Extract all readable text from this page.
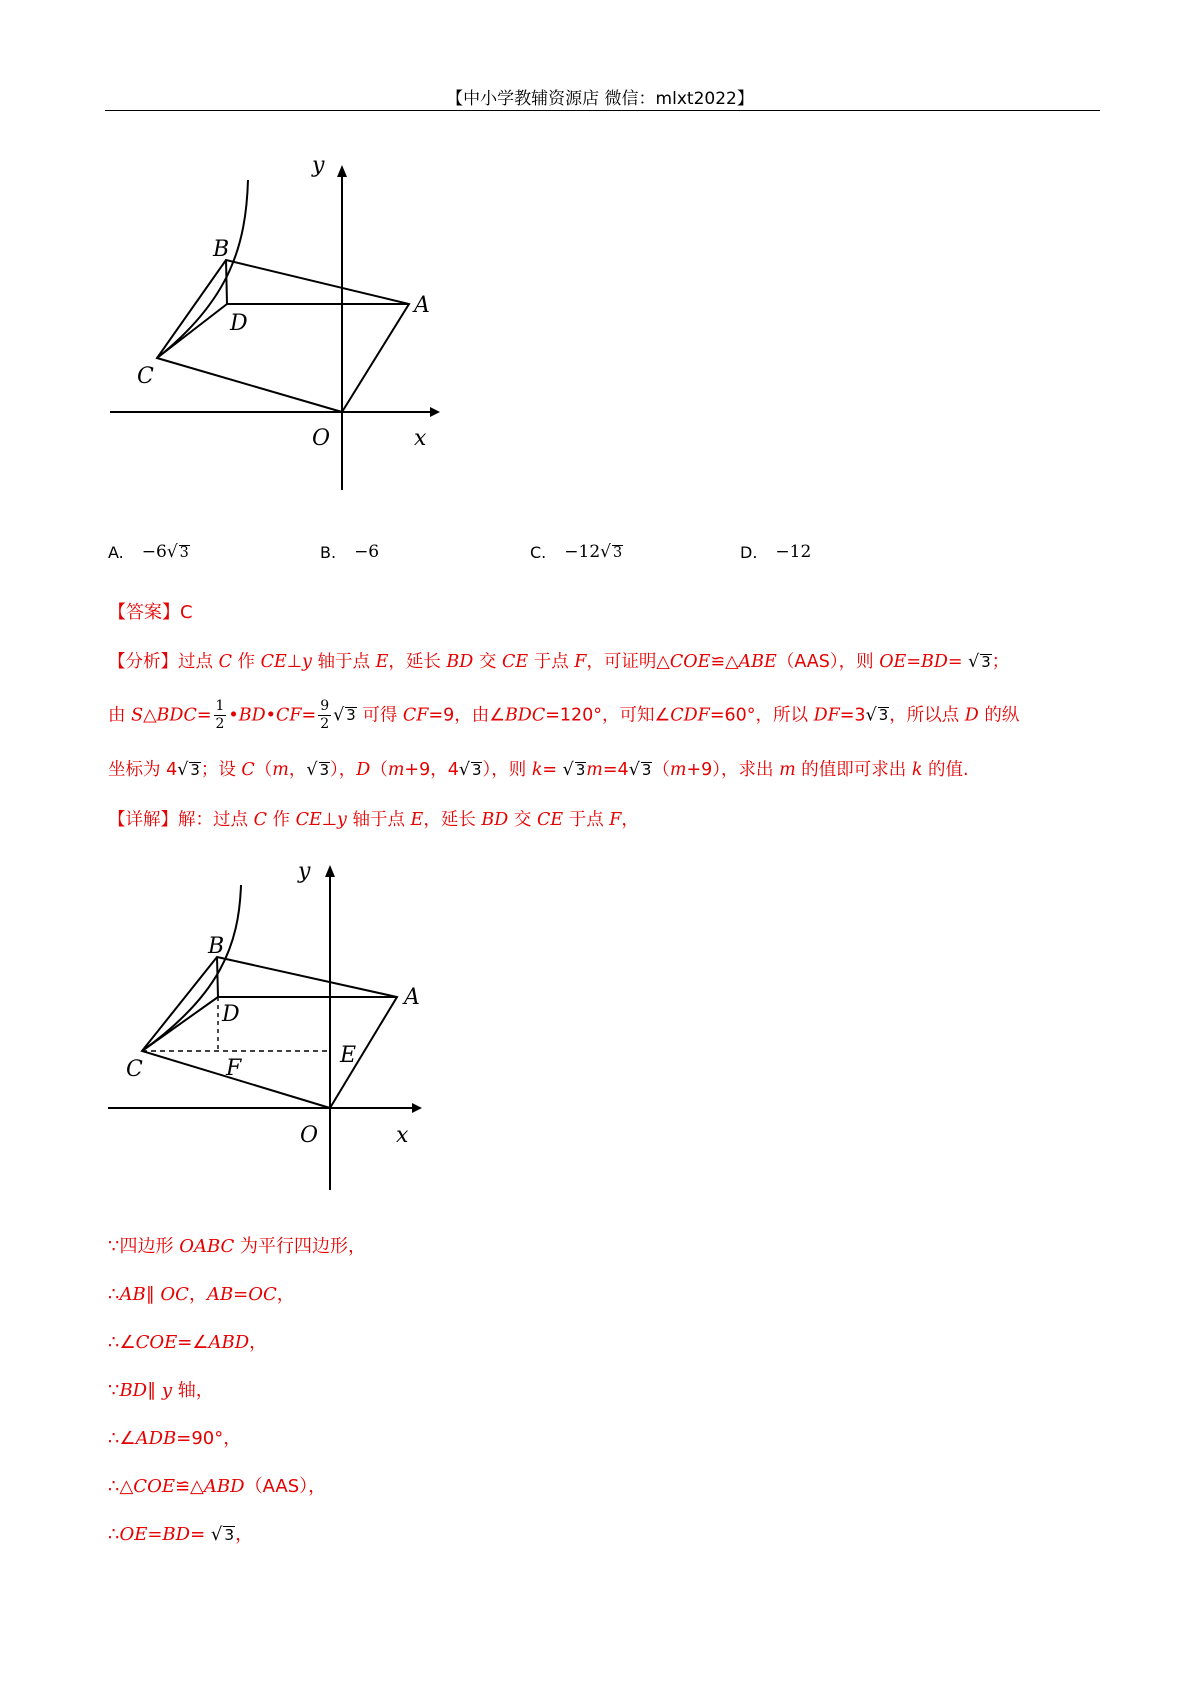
【中小学教辅资源店 微信：mlxt2022】
y
x
O
A
B
C
D
A. −6 √ 3	B. −6	C. −12 √ 3	D. −12
【答案】C
【分析】过点 C 作 CE⊥y 轴于点 E，延长 BD 交 CE 于点 F，可证明△COE≌△ABE（AAS），则 OE=BD= √ 3；
由 S△BDC= $\frac{1}{2}$ •BD•CF= $\frac{9}{2}$ √ 3 可得 CF=9，由∠BDC=120°，可知∠CDF=60°，所以 DF=3√ 3，所以点 D 的纵
坐标为 4√ 3；设 C（m，√ 3），D（m+9，4√ 3），则 k= √ 3m=4√ 3（m+9），求出 m 的值即可求出 k 的值.
【详解】解：过点 C 作 CE⊥y 轴于点 E，延长 BD 交 CE 于点 F，
y
x
O
A
B
C
D
E
F
∵四边形 OABC 为平行四边形，
∴AB∥ OC，AB=OC，
∴∠COE=∠ABD，
∵BD∥ y 轴，
∴∠ADB=90°，
∴△COE≌△ABD（AAS），
∴OE=BD= √ 3，
